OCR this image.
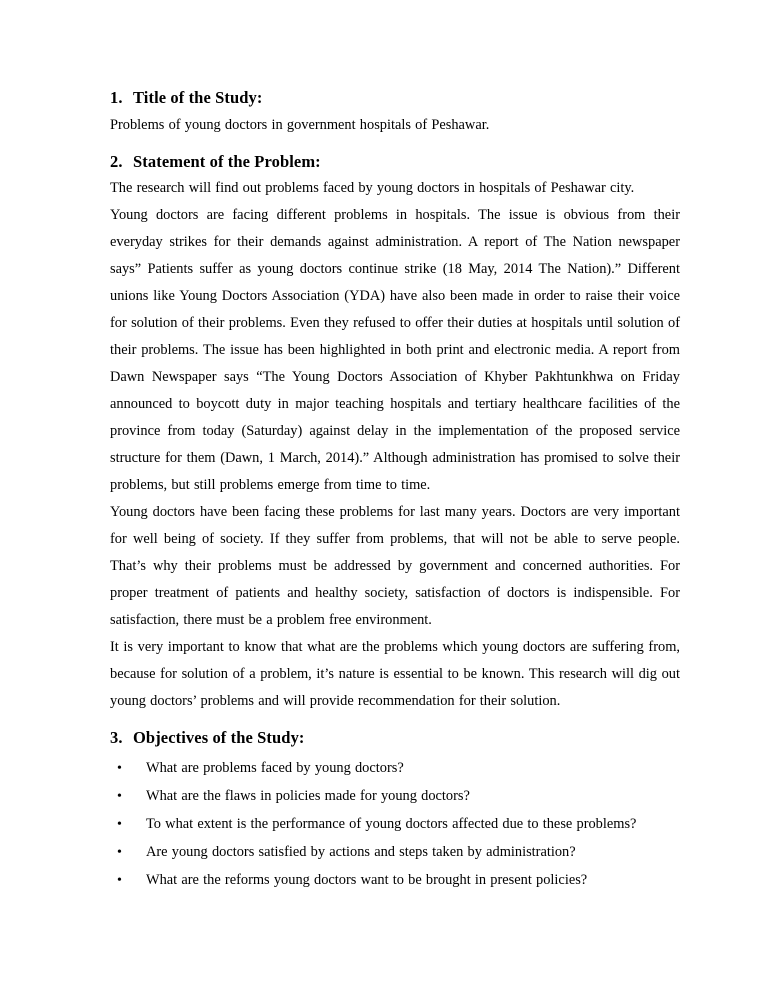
1. Title of the Study:

Problems of young doctors in government hospitals of Peshawar.

2. Statement of the Problem:

The research will find out problems faced by young doctors in hospitals of Peshawar city.

Young doctors are facing different problems in hospitals. The issue is obvious from their everyday strikes for their demands against administration. A report of The Nation newspaper says” Patients suffer as young doctors continue strike (18 May, 2014 The Nation).” Different unions like Young Doctors Association (YDA) have also been made in order to raise their voice for solution of their problems. Even they refused to offer their duties at hospitals until solution of their problems. The issue has been highlighted in both print and electronic media. A report from Dawn Newspaper says “The Young Doctors Association of Khyber Pakhtunkhwa on Friday announced to boycott duty in major teaching hospitals and tertiary healthcare facilities of the province from today (Saturday) against delay in the implementation of the proposed service structure for them (Dawn, 1 March, 2014).” Although administration has promised to solve their problems, but still problems emerge from time to time.

Young doctors have been facing these problems for last many years. Doctors are very important for well being of society. If they suffer from problems, that will not be able to serve people. That’s why their problems must be addressed by government and concerned authorities. For proper treatment of patients and healthy society, satisfaction of doctors is indispensible. For satisfaction, there must be a problem free environment.

It is very important to know that what are the problems which young doctors are suffering from, because for solution of a problem, it’s nature is essential to be known. This research will dig out young doctors’ problems and will provide recommendation for their solution.

3. Objectives of the Study:
• What are problems faced by young doctors?
• What are the flaws in policies made for young doctors?
• To what extent is the performance of young doctors affected due to these problems?
• Are young doctors satisfied by actions and steps taken by administration?
• What are the reforms young doctors want to be brought in present policies?
